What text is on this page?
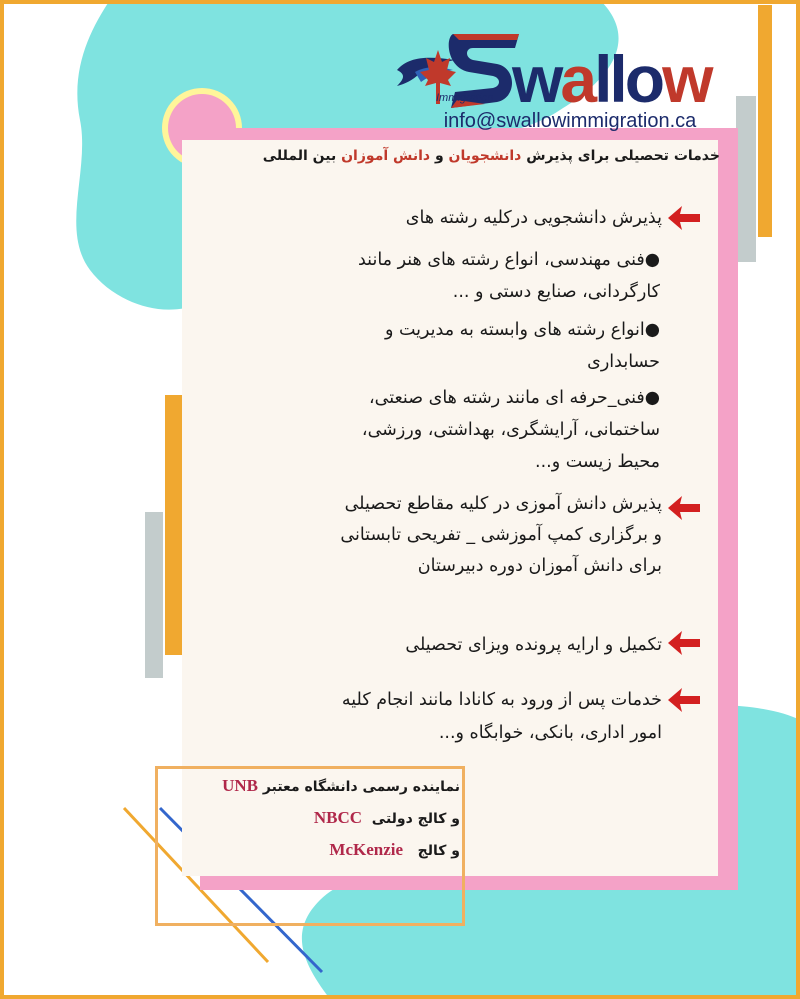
Immigration wallow
info@swallowimmigration.ca
خدمات تحصیلی برای پذیرش دانشجویان و دانش آموزان بین المللی
پذیرش دانشجویی درکلیه رشته های
●فنی مهندسی، انواع رشته های هنر مانند کارگردانی، صنایع دستی و ...
●انواع رشته های وابسته به مدیریت و حسابداری
●فنی_حرفه ای مانند رشته های صنعتی، ساختمانی، آرایشگری، بهداشتی، ورزشی، محیط زیست و...
پذیرش دانش آموزی در کلیه مقاطع تحصیلی و برگزاری کمپ آموزشی _ تفریحی تابستانی برای دانش آموزان دوره دبیرستان
تکمیل و ارایه پرونده ویزای تحصیلی
خدمات پس از ورود به کانادا مانند انجام کلیه امور اداری، بانکی، خوابگاه و...
نماینده رسمی دانشگاه معتبر UNB
و کالج دولتی  NBCC
و کالج   McKenzie
